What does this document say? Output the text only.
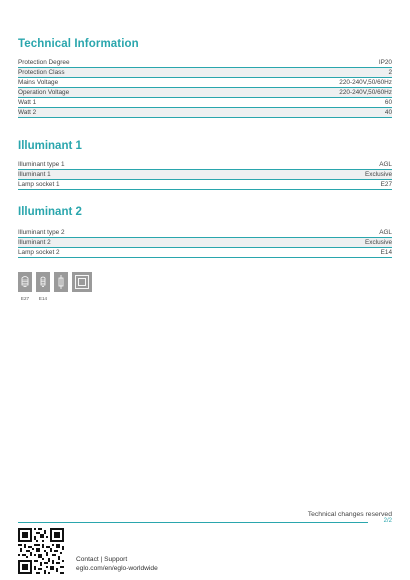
Technical Information
Protection Degree	IP20
Protection Class	2
Mains Voltage	220-240V,50/60Hz
Operation Voltage	220-240V,50/60Hz
Watt 1	60
Watt 2	40
Illuminant 1
Illuminant type 1	AGL
Illuminant 1	Exclusive
Lamp socket 1	E27
Illuminant 2
Illuminant type 2	AGL
Illuminant 2	Exclusive
Lamp socket 2	E14
E27 E14
Technical changes reserved
2/2
Contact | Support
eglo.com/en/eglo-worldwide
